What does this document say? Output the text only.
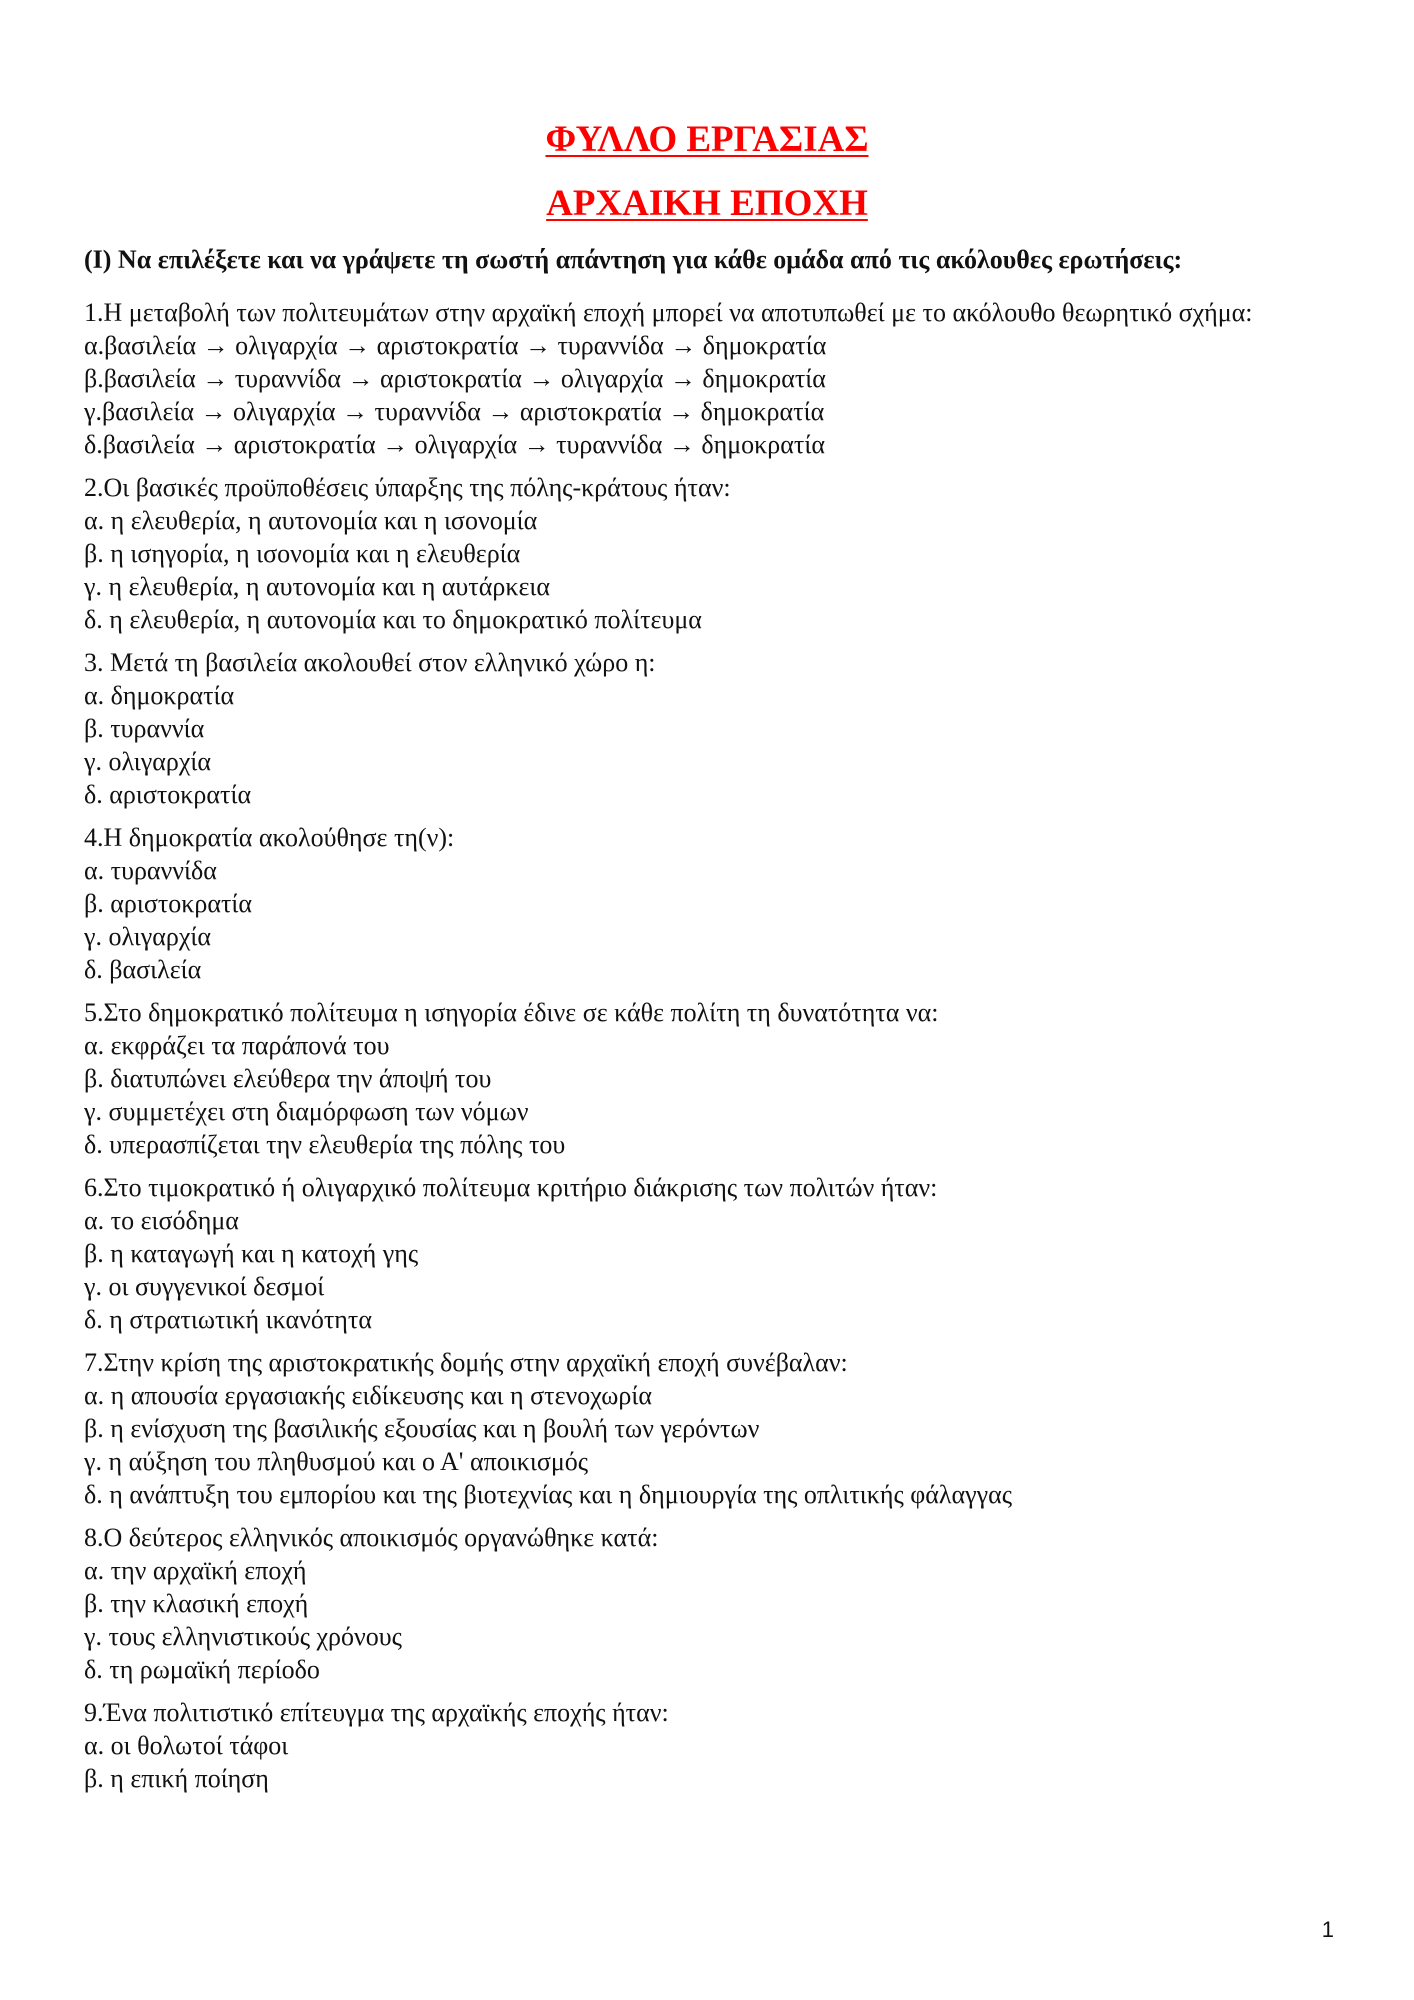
ΦΥΛΛΟ ΕΡΓΑΣΙΑΣ
ΑΡΧΑΙΚΗ ΕΠΟΧΗ
(Ι) Να επιλέξετε και να γράψετε τη σωστή απάντηση για κάθε ομάδα από τις ακόλουθες ερωτήσεις:
1.Η μεταβολή των πολιτευμάτων στην αρχαϊκή εποχή μπορεί να αποτυπωθεί με το ακόλουθο θεωρητικό σχήμα:
α.βασιλεία → ολιγαρχία → αριστοκρατία → τυραννίδα → δημοκρατία
β.βασιλεία → τυραννίδα → αριστοκρατία → ολιγαρχία → δημοκρατία
γ.βασιλεία → ολιγαρχία → τυραννίδα → αριστοκρατία → δημοκρατία
δ.βασιλεία → αριστοκρατία → ολιγαρχία → τυραννίδα → δημοκρατία
2.Οι βασικές προϋποθέσεις ύπαρξης της πόλης-κράτους ήταν:
α. η ελευθερία, η αυτονομία και η ισονομία
β. η ισηγορία, η ισονομία και η ελευθερία
γ. η ελευθερία, η αυτονομία και η αυτάρκεια
δ. η ελευθερία, η αυτονομία και το δημοκρατικό πολίτευμα
3. Μετά τη βασιλεία ακολουθεί στον ελληνικό χώρο η:
α. δημοκρατία
β. τυραννία
γ. ολιγαρχία
δ. αριστοκρατία
4.Η δημοκρατία ακολούθησε τη(ν):
α. τυραννίδα
β. αριστοκρατία
γ. ολιγαρχία
δ. βασιλεία
5.Στο δημοκρατικό πολίτευμα η ισηγορία έδινε σε κάθε πολίτη τη δυνατότητα να:
α. εκφράζει τα παράπονά του
β. διατυπώνει ελεύθερα την άποψή του
γ. συμμετέχει στη διαμόρφωση των νόμων
δ. υπερασπίζεται την ελευθερία της πόλης του
6.Στο τιμοκρατικό ή ολιγαρχικό πολίτευμα κριτήριο διάκρισης των πολιτών ήταν:
α. το εισόδημα
β. η καταγωγή και η κατοχή γης
γ. οι συγγενικοί δεσμοί
δ. η στρατιωτική ικανότητα
7.Στην κρίση της αριστοκρατικής δομής στην αρχαϊκή εποχή συνέβαλαν:
α. η απουσία εργασιακής ειδίκευσης και η στενοχωρία
β. η ενίσχυση της βασιλικής εξουσίας και η βουλή των γερόντων
γ. η αύξηση του πληθυσμού και ο Α' αποικισμός
δ. η ανάπτυξη του εμπορίου και της βιοτεχνίας και η δημιουργία της οπλιτικής φάλαγγας
8.Ο δεύτερος ελληνικός αποικισμός οργανώθηκε κατά:
α. την αρχαϊκή εποχή
β. την κλασική εποχή
γ. τους ελληνιστικούς χρόνους
δ. τη ρωμαϊκή περίοδο
9.Ένα πολιτιστικό επίτευγμα της αρχαϊκής εποχής ήταν:
α. οι θολωτοί τάφοι
β. η επική ποίηση
1
